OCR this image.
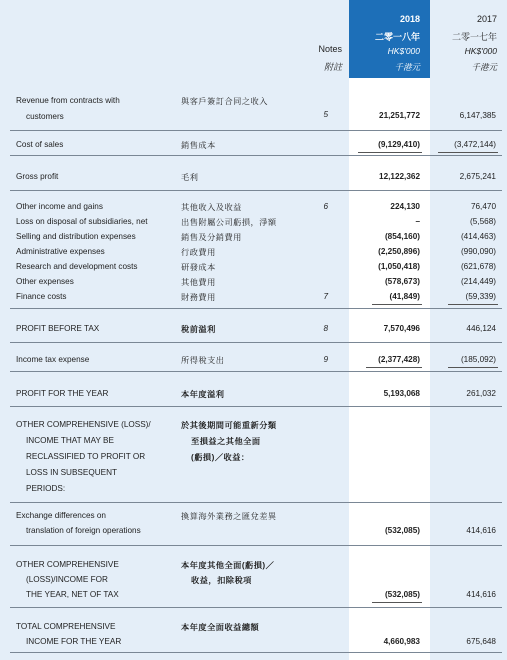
2018
二零一八年
HK$'000
千港元
2017
二零一七年
HK$'000
千港元
Notes
附註
Revenue from contracts with
customers
與客戶簽訂合同之收入
5	21,251,772	6,147,385
Cost of sales	銷售成本	(9,129,410)	(3,472,144)
Gross profit	毛利	12,122,362	2,675,241
Other income and gains	其他收入及收益	6	224,130	76,470
Loss on disposal of subsidiaries, net	出售附屬公司虧損，淨額	–	(5,568)
Selling and distribution expenses	銷售及分銷費用	(854,160)	(414,463)
Administrative expenses	行政費用	(2,250,896)	(990,090)
Research and development costs	研發成本	(1,050,418)	(621,678)
Other expenses	其他費用	(578,673)	(214,449)
Finance costs	財務費用	7	(41,849)	(59,339)
PROFIT BEFORE TAX	稅前溢利	8	7,570,496	446,124
Income tax expense	所得稅支出	9	(2,377,428)	(185,092)
PROFIT FOR THE YEAR	本年度溢利	5,193,068	261,032
OTHER COMPREHENSIVE (LOSS)/
INCOME THAT MAY BE
RECLASSIFIED TO PROFIT OR
LOSS IN SUBSEQUENT
PERIODS:
於其後期間可能重新分類
至損益之其他全面
(虧損)／收益：
Exchange differences on
translation of foreign operations
換算海外業務之匯兌差異
(532,085)	414,616
OTHER COMPREHENSIVE
(LOSS)/INCOME FOR
THE YEAR, NET OF TAX
本年度其他全面(虧損)／
收益，扣除稅項
(532,085)	414,616
TOTAL COMPREHENSIVE
INCOME FOR THE YEAR
本年度全面收益總額
4,660,983	675,648
